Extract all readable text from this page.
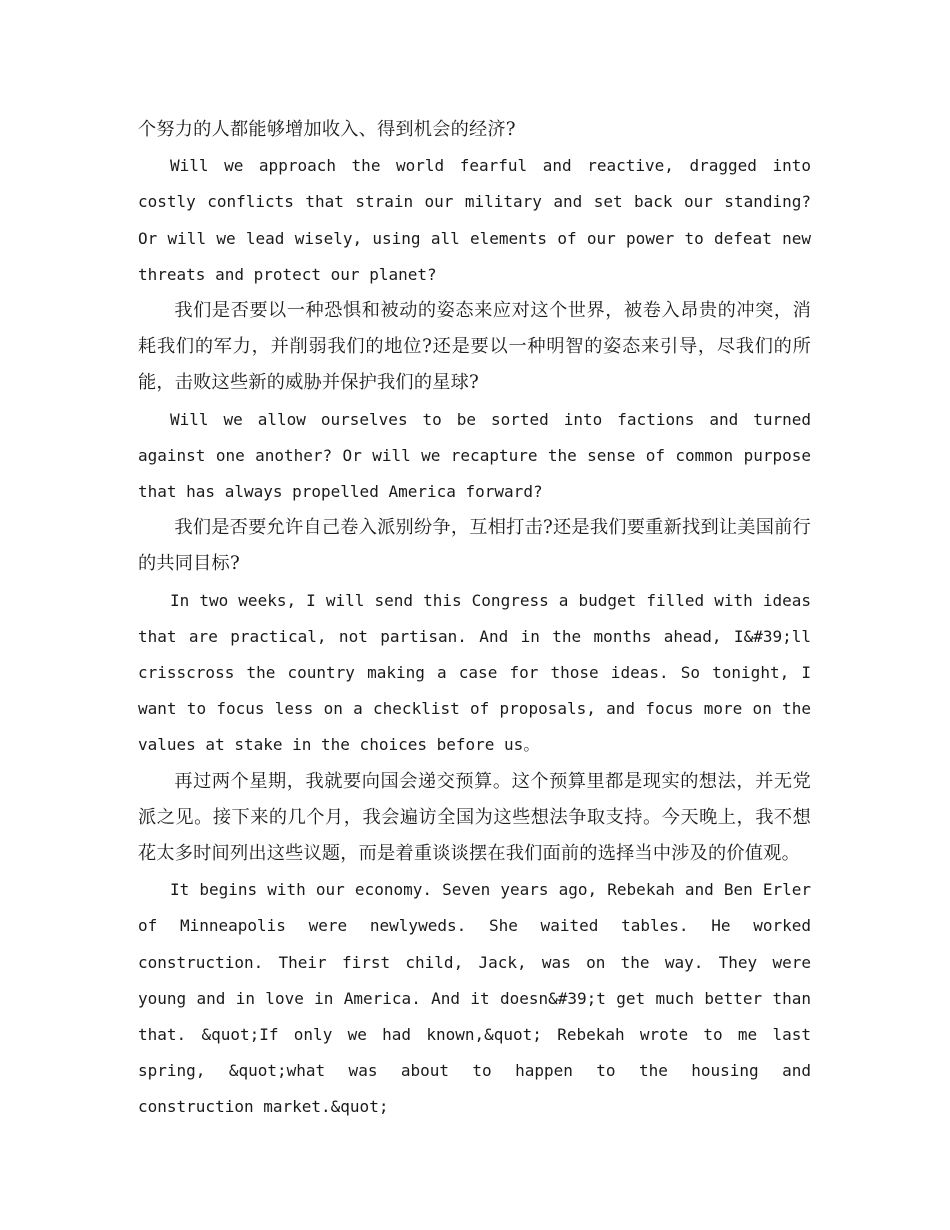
个努力的人都能够增加收入、得到机会的经济?

Will we approach the world fearful and reactive, dragged into costly conflicts that strain our military and set back our standing? Or will we lead wisely, using all elements of our power to defeat new threats and protect our planet?

我们是否要以一种恐惧和被动的姿态来应对这个世界，被卷入昂贵的冲突，消耗我们的军力，并削弱我们的地位?还是要以一种明智的姿态来引导，尽我们的所能，击败这些新的威胁并保护我们的星球?

Will we allow ourselves to be sorted into factions and turned against one another? Or will we recapture the sense of common purpose that has always propelled America forward?

我们是否要允许自己卷入派别纷争，互相打击?还是我们要重新找到让美国前行的共同目标?

In two weeks, I will send this Congress a budget filled with ideas that are practical, not partisan. And in the months ahead, I&#39;ll crisscross the country making a case for those ideas. So tonight, I want to focus less on a checklist of proposals, and focus more on the values at stake in the choices before us。

再过两个星期，我就要向国会递交预算。这个预算里都是现实的想法，并无党派之见。接下来的几个月，我会遍访全国为这些想法争取支持。今天晚上，我不想花太多时间列出这些议题，而是着重谈谈摆在我们面前的选择当中涉及的价值观。

It begins with our economy. Seven years ago, Rebekah and Ben Erler of Minneapolis were newlyweds. She waited tables. He worked construction. Their first child, Jack, was on the way. They were young and in love in America. And it doesn&#39;t get much better than that. &quot;If only we had known,&quot; Rebekah wrote to me last spring, &quot;what was about to happen to the housing and construction market.&quot;
